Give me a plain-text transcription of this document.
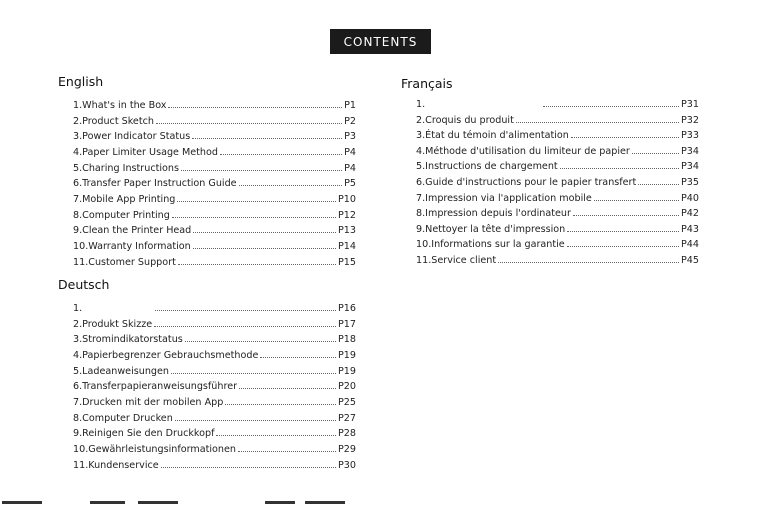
CONTENTS
English
1.What's in the Box	P1
2.Product Sketch	P2
3.Power Indicator Status	P3
4.Paper Limiter Usage Method	P4
5.Charing Instructions	P4
6.Transfer Paper Instruction Guide	P5
7.Mobile App Printing	P10
8.Computer Printing	P12
9.Clean the Printer Head	P13
10.Warranty Information	P14
11.Customer Support	P15
Deutsch
1.	P16
2.Produkt Skizze	P17
3.Stromindikatorstatus	P18
4.Papierbegrenzer Gebrauchsmethode	P19
5.Ladeanweisungen	P19
6.Transferpapieranweisungsführer	P20
7.Drucken mit der mobilen App	P25
8.Computer Drucken	P27
9.Reinigen Sie den Druckkopf	P28
10.Gewährleistungsinformationen	P29
11.Kundenservice	P30
Français
1.	P31
2.Croquis du produit	P32
3.État du témoin d'alimentation	P33
4.Méthode d'utilisation du limiteur de papier	P34
5.Instructions de chargement	P34
6.Guide d'instructions pour le papier transfert	P35
7.Impression via l'application mobile	P40
8.Impression depuis l'ordinateur	P42
9.Nettoyer la tête d'impression	P43
10.Informations sur la garantie	P44
11.Service client	P45
